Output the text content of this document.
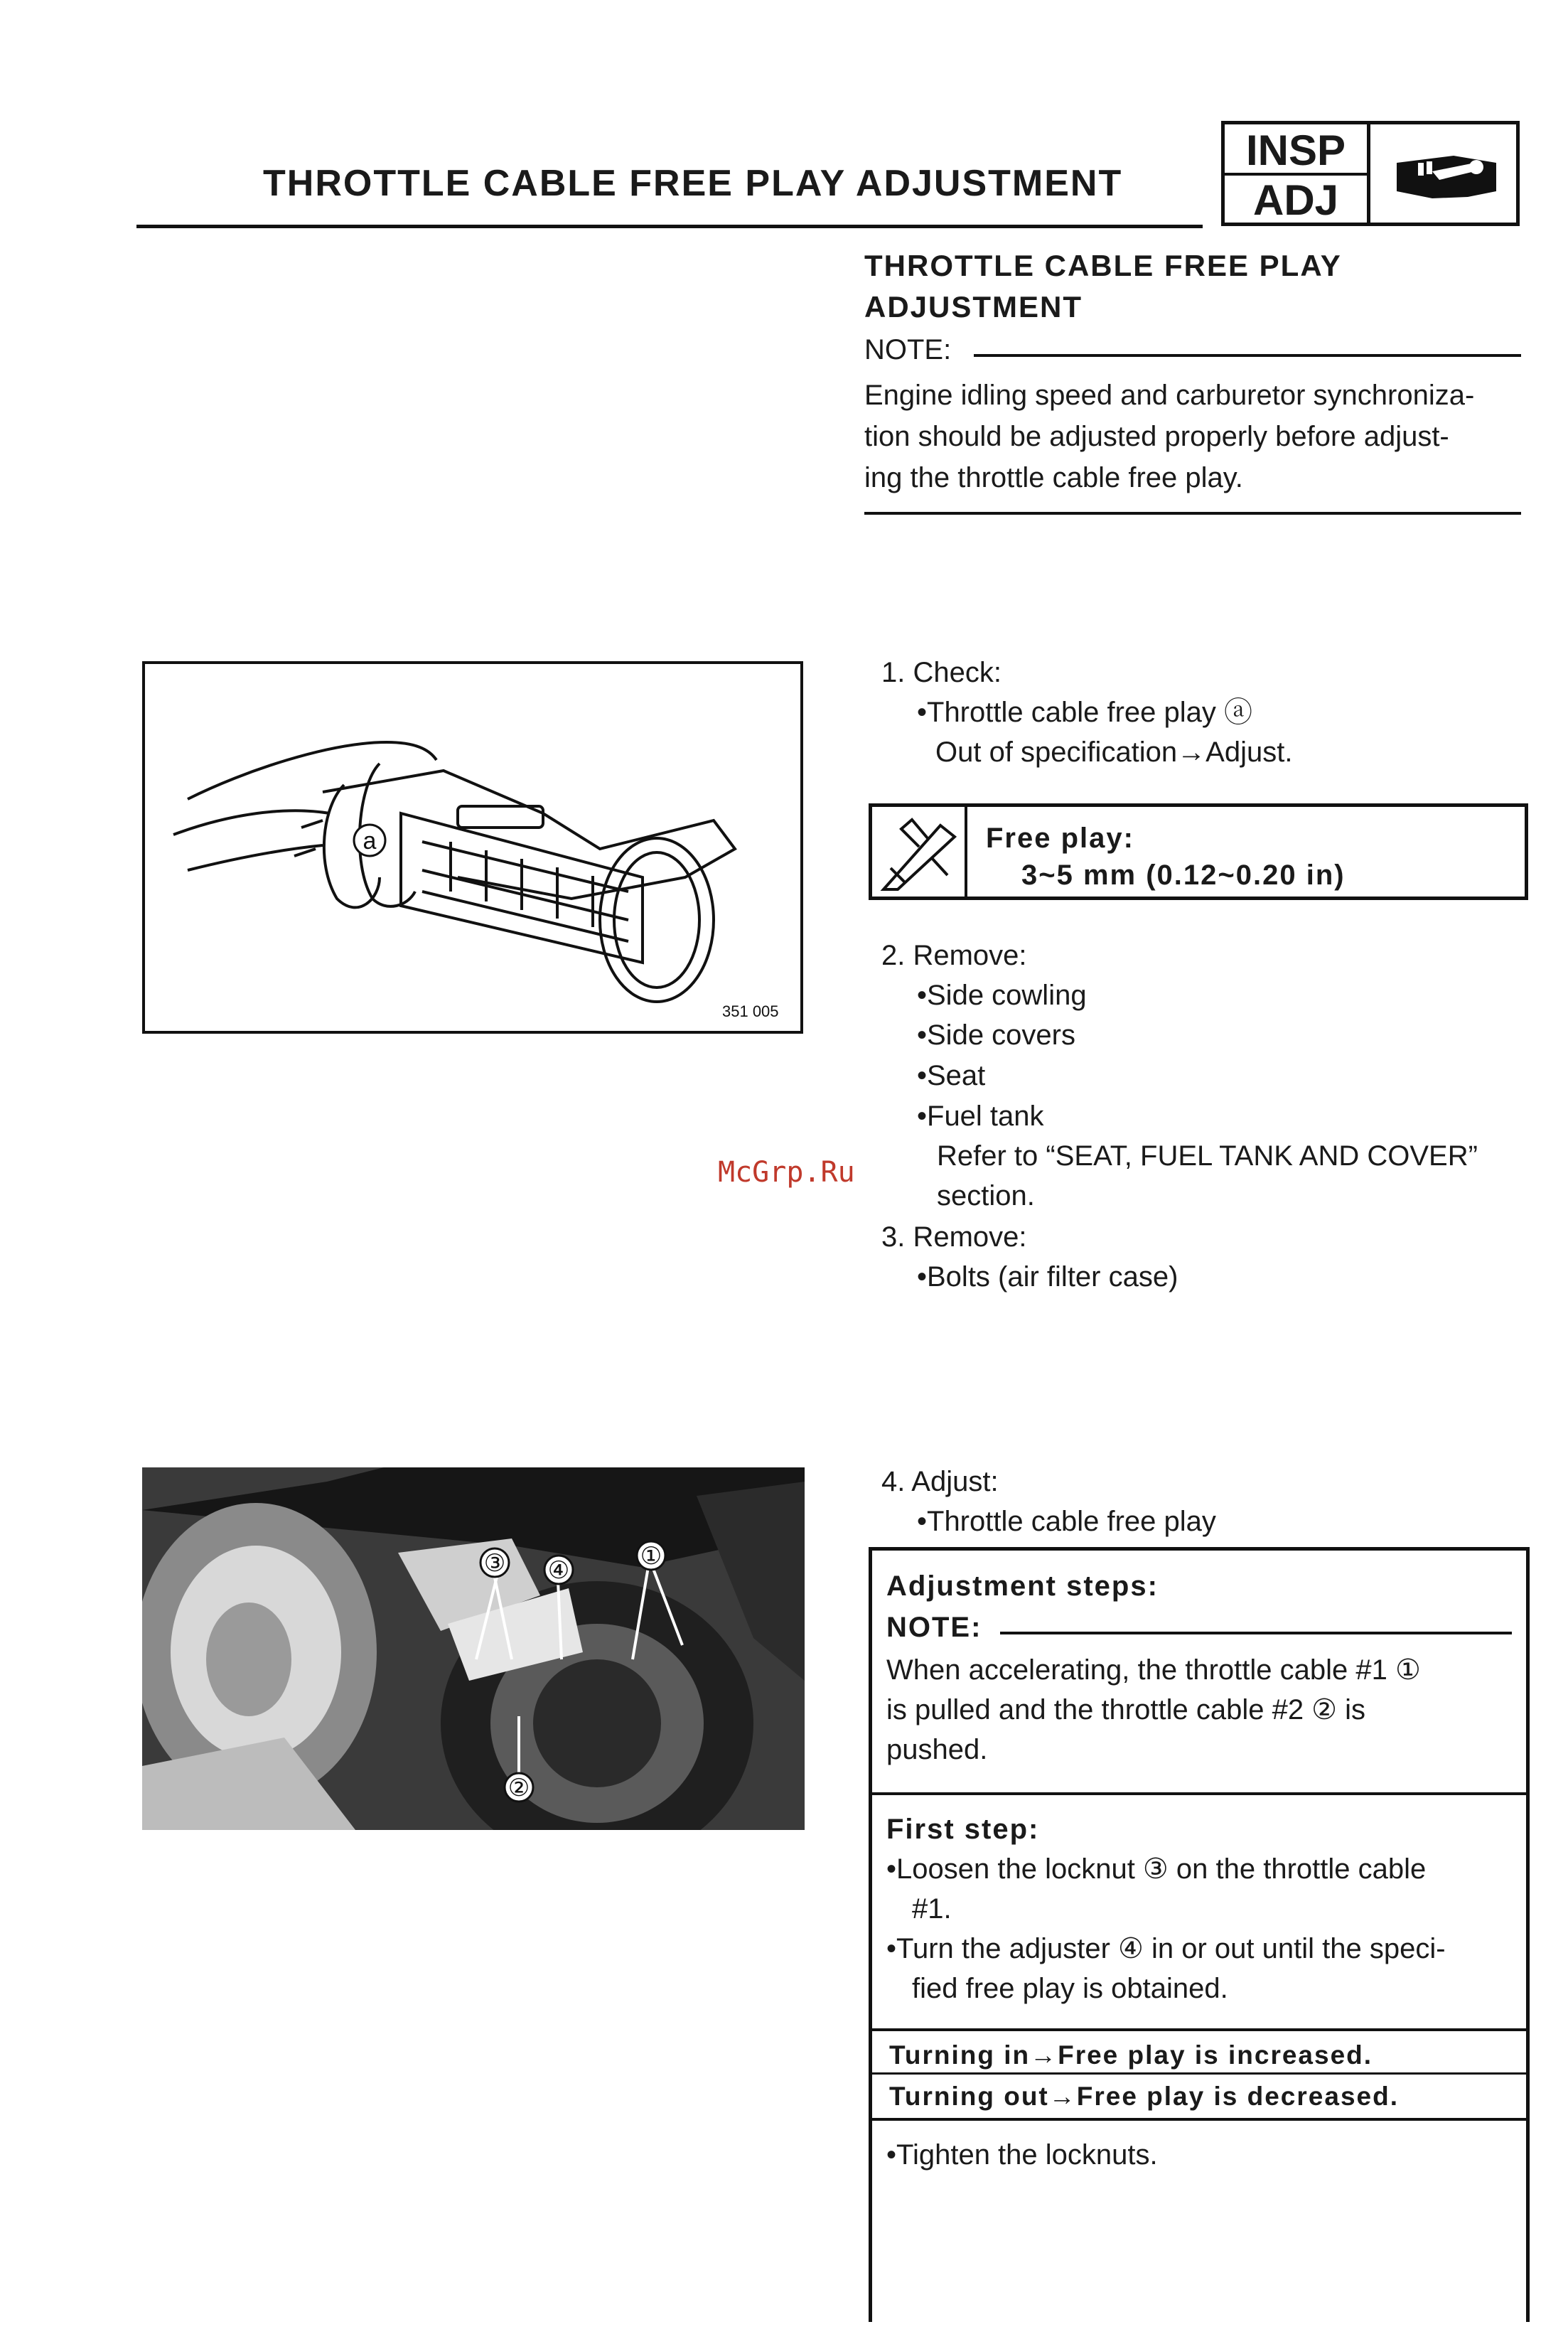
THROTTLE CABLE FREE PLAY ADJUSTMENT
INSP
ADJ
THROTTLE CABLE FREE PLAY
ADJUSTMENT
NOTE:
Engine idling speed and carburetor synchroniza-
tion should be adjusted properly before adjust-
ing the throttle cable free play.
a
351 005
1. Check:
•Throttle cable free play ⓐ
Out of specification→Adjust.
Free play:
3~5 mm (0.12~0.20 in)
2. Remove:
•Side cowling
•Side covers
•Seat
•Fuel tank
Refer to “SEAT, FUEL TANK AND COVER”
section.
McGrp.Ru
3. Remove:
•Bolts (air filter case)
③ ④
①
②
4. Adjust:
•Throttle cable free play
Adjustment steps:
NOTE:
When accelerating, the throttle cable #1 ①
is pulled and the throttle cable #2 ② is
pushed.
First step:
•Loosen the locknut ③ on the throttle cable
#1.
•Turn the adjuster ④ in or out until the speci-
fied free play is obtained.
Turning in→Free play is increased.
Turning out→Free play is decreased.
•Tighten the locknuts.
